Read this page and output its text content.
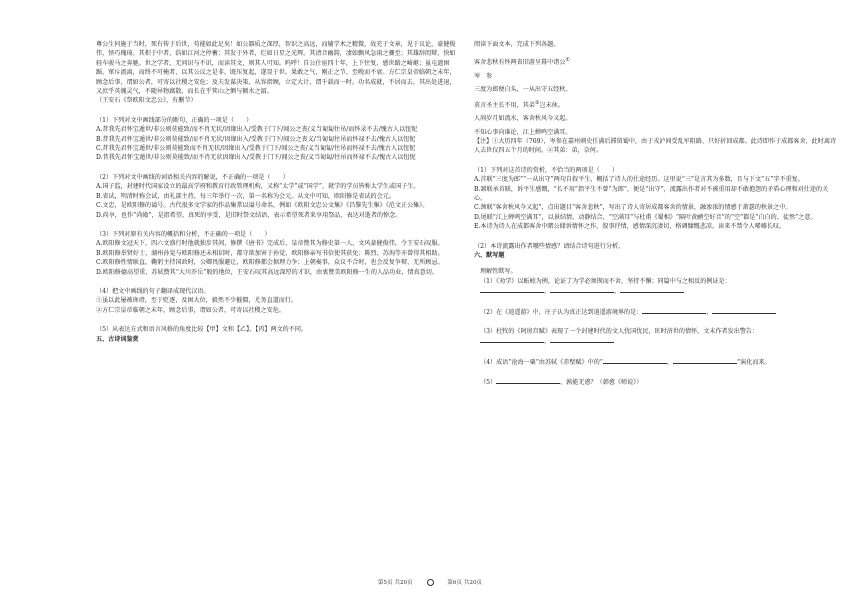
尊公生何施于当时，死有传于后世，苟能如此足矣！如公器质之深厚，智识之高远，而辅学术之精微，故充于文章，见于议论，豪健俊伟，怪巧瑰琦。其积于中者，浩如江河之停蓄；其发于外者，烂如日星之光辉。其清音幽韵，凄如飘风急雨之骤至；其雄辞闳辩，快如轻车骏马之奔驰。世之学者，无问识与不识，而读其文，则其人可知。呜呼！自公仕宦四十年，上下往复，感世路之崎岖；虽屯邅困踬，窜斥流离，而终不可掩者，以其公议之是非。既压复起，遂显于世。果敢之气，刚正之节，至晚而不衰。方仁宗皇帝临朝之末年，顾念后事，谓如公者，可寄以社稷之安危；及夫发谋决策，从容指顾，立定大计，谓千载而一时。功名成就，不居而去，其出处进退，又庶乎英魄灵气，不随异物腐散，而长在乎箕山之侧与颍水之湄。

（王安石《祭欧阳文忠公》，有删节）

（1）下列对文中画线部分的断句，正确的一项是（　　）

A.昔我先君怀宝遁世/非公则莫能致/而不肖无状/因缘出入/受教于门下/闻公之丧/义当匍匐往吊/而怀录不去/愧古人以忸怩

B.昔我先君怀宝遁世/非公则莫能致/而不肖无状/因缘出入/受教于门下/闻公之丧义/当匍匐往吊而怀禄不去/愧古人以忸怩

C.昔我先君怀宝遁世/非公则莫能致而不肖无状/因缘出入/受教于门下/闻公之丧/义当匍匐/往吊而怀禄不去/愧古人以忸怩

D.昔我先君怀宝遁世/非公则莫能致/而不肖无状因缘出入/受教于门下/闻公之丧/义当匍匐/往吊而怀禄不去/愧古人以忸怩

（2）下列对文中画线的词语相关内容的解说，不正确的一项是（　　）

A.国子监，封建时代国家设立的最高学府和教育行政管理机构，又称“太学”或“国学”，就学的学员皆称太学生或国子生。

B.省试，明清时称会试，由礼部主持，每三年举行一次，第一名称为会元。从文中可知，欧阳修是省试的会元。

C.文忠，是欧阳修的谥号。古代很多文学家的作品集常以谥号命名，例如《欧阳文忠公文集》《昌黎先生集》《范文正公集》。

D.尚享，也作“尚飨”，是指希望、真死的享受，是旧时祭文结语，表示希望死者来享用祭品，表达对逝者的悼念。

（3）下列对原有关内容的概括和分析，不正确的一项是（　　）

A.欧阳修文冠天下，四六文盛行时他就独步其间，修撰《唐书》完成后，皇帝赞其为修史第一人，文风豪健俊伟，令王安石叹服。

B.欧阳修举贤好士，湖州孙觉与欧阳修还未相识时，都守欲加害于孙觉，欧阳修亲写书信使其获免；陈烈、苏洵等亦曾得其相助。

C.欧阳修性情耿直，鞠躬主持国政时，公卿畏服避让，欧阳修都会据理力争；上朝奏事，众议不合时，也会反复争辩，无所顾忌。

D.欧阳修德高望重，苏轼赞其“大川乔岳”般的地位，王安石叹其高远深厚的才识，由衷赞美欧阳修一生的人品功业，情真意切。

（4）把文中画线的句子翻译成现代汉语。

①虽以此屡被谗谤，至于贬逐，及困大位，毅然不少摧僵，尤务直道而行。

②方仁宗皇帝临朝之末年，顾念后事，谓如公者，可寄以社稷之安危。

（5）从表达方式和语言风格的角度比较【甲】文和【乙】、【丙】两文的不同。

五、古诗词鉴赏

阅读下面文本，完成下列各题。

客舍悲秋有怀两省旧游呈幕中诸公①

岑　参

三度为郎便白头，一从出守五经秋。

莫言圣主长不用，其弟②岂未休。

人间岁月如流水，客舍秋风今又起。

不知心事向谁论，江上蝉鸣空满耳。

【注】①大历四年（769），岑参在嘉州刺史任满后滞留蜀中，由于戎泸间受乱军阻路，只好折回成都。此诗即作于成都客舍，此时离诗人去世仅四五个月的时间。②其弟：弟，奈何。

（1）下列对这首诗的赏析，不恰当的两项是（　　）

A.首联“三度为郎”“一从出守”两句自叙平生，概括了诗人的仕途经历。这里说“三”是言其为多数，且与下文“五”字不重复。

B.颔联承首联，诉平生感慨，“长不用”指平生不曾“为郎”，便是“出守”，流露出作者对不被重用却不敢抱怨的矛盾心理和对仕途的关心。

C.颈联“客舍秋风今又起”，点出题目“客舍悲秋”，写出了诗人寄居成都客舍的情景，融渗浓的情感于萧瑟的秋景之中。

D.尾联“江上蝉鸣空满耳”，以景结情，动静结合，“空满耳”与杜甫《蜀相》“隔叶黄鹂空好音”的“空”都是“白白的、徒然”之意。

E.本诗为诗人在成都客舍中睹公储诉情怀之作，叙事抒情，感情深沉凄切，格调慷慨悲凉，读来不禁令人唏嘘长叹。

（2）本诗流露出作者哪些情感？请结合诗句进行分析。

六、默写题

理解性默写。

（1）《劝学》以蚯蚓为例，论证了为学必须锲而不舍，坚持不懈；同篇中与之相反的例证是：

，	，

（2）在《逍遥游》中，庄子认为真正达到逍遥游境界的是：	，

（3）杜牧的《阿房宫赋》表现了一个封建时代的文人忧国忧民，匡时济世的情怀，文末作者发出警告：

，

（4）成语“沧海一粟”由苏轼《赤壁赋》中的“	，	”演化而来。

（5）	，孰能无惑？（韩愈《师说》）

第5页 共20页	第6页 共20页
